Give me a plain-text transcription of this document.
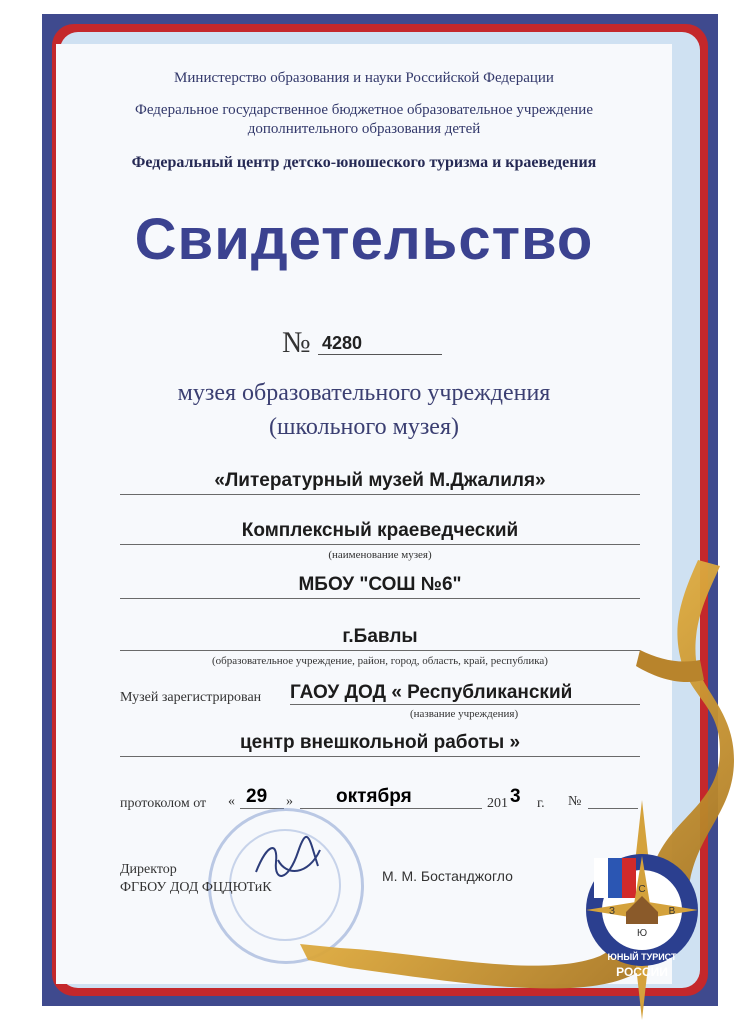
Министерство образования и науки Российской Федерации
Федеральное государственное бюджетное образовательное учреждение
дополнительного образования детей
Федеральный центр детско-юношеского туризма и краеведения
Свидетельство
№ 4280
музея образовательного учреждения
(школьного музея)
«Литературный музей М.Джалиля»
Комплексный краеведческий
(наименование музея)
МБОУ "СОШ №6"
г.Бавлы
(образовательное учреждение, район, город, область, край, республика)
Музей зарегистрирован ГАОУ ДОД « Республиканский
(название учреждения)
центр внешкольной работы »
протоколом от « 29 » октября	201 3 г. №
Директор
ФГБОУ ДОД ФЦДЮТиК
М. М. Бостанджогло
С
З	В
Ю
ЮНЫЙ ТУРИСТ
РОССИИ
